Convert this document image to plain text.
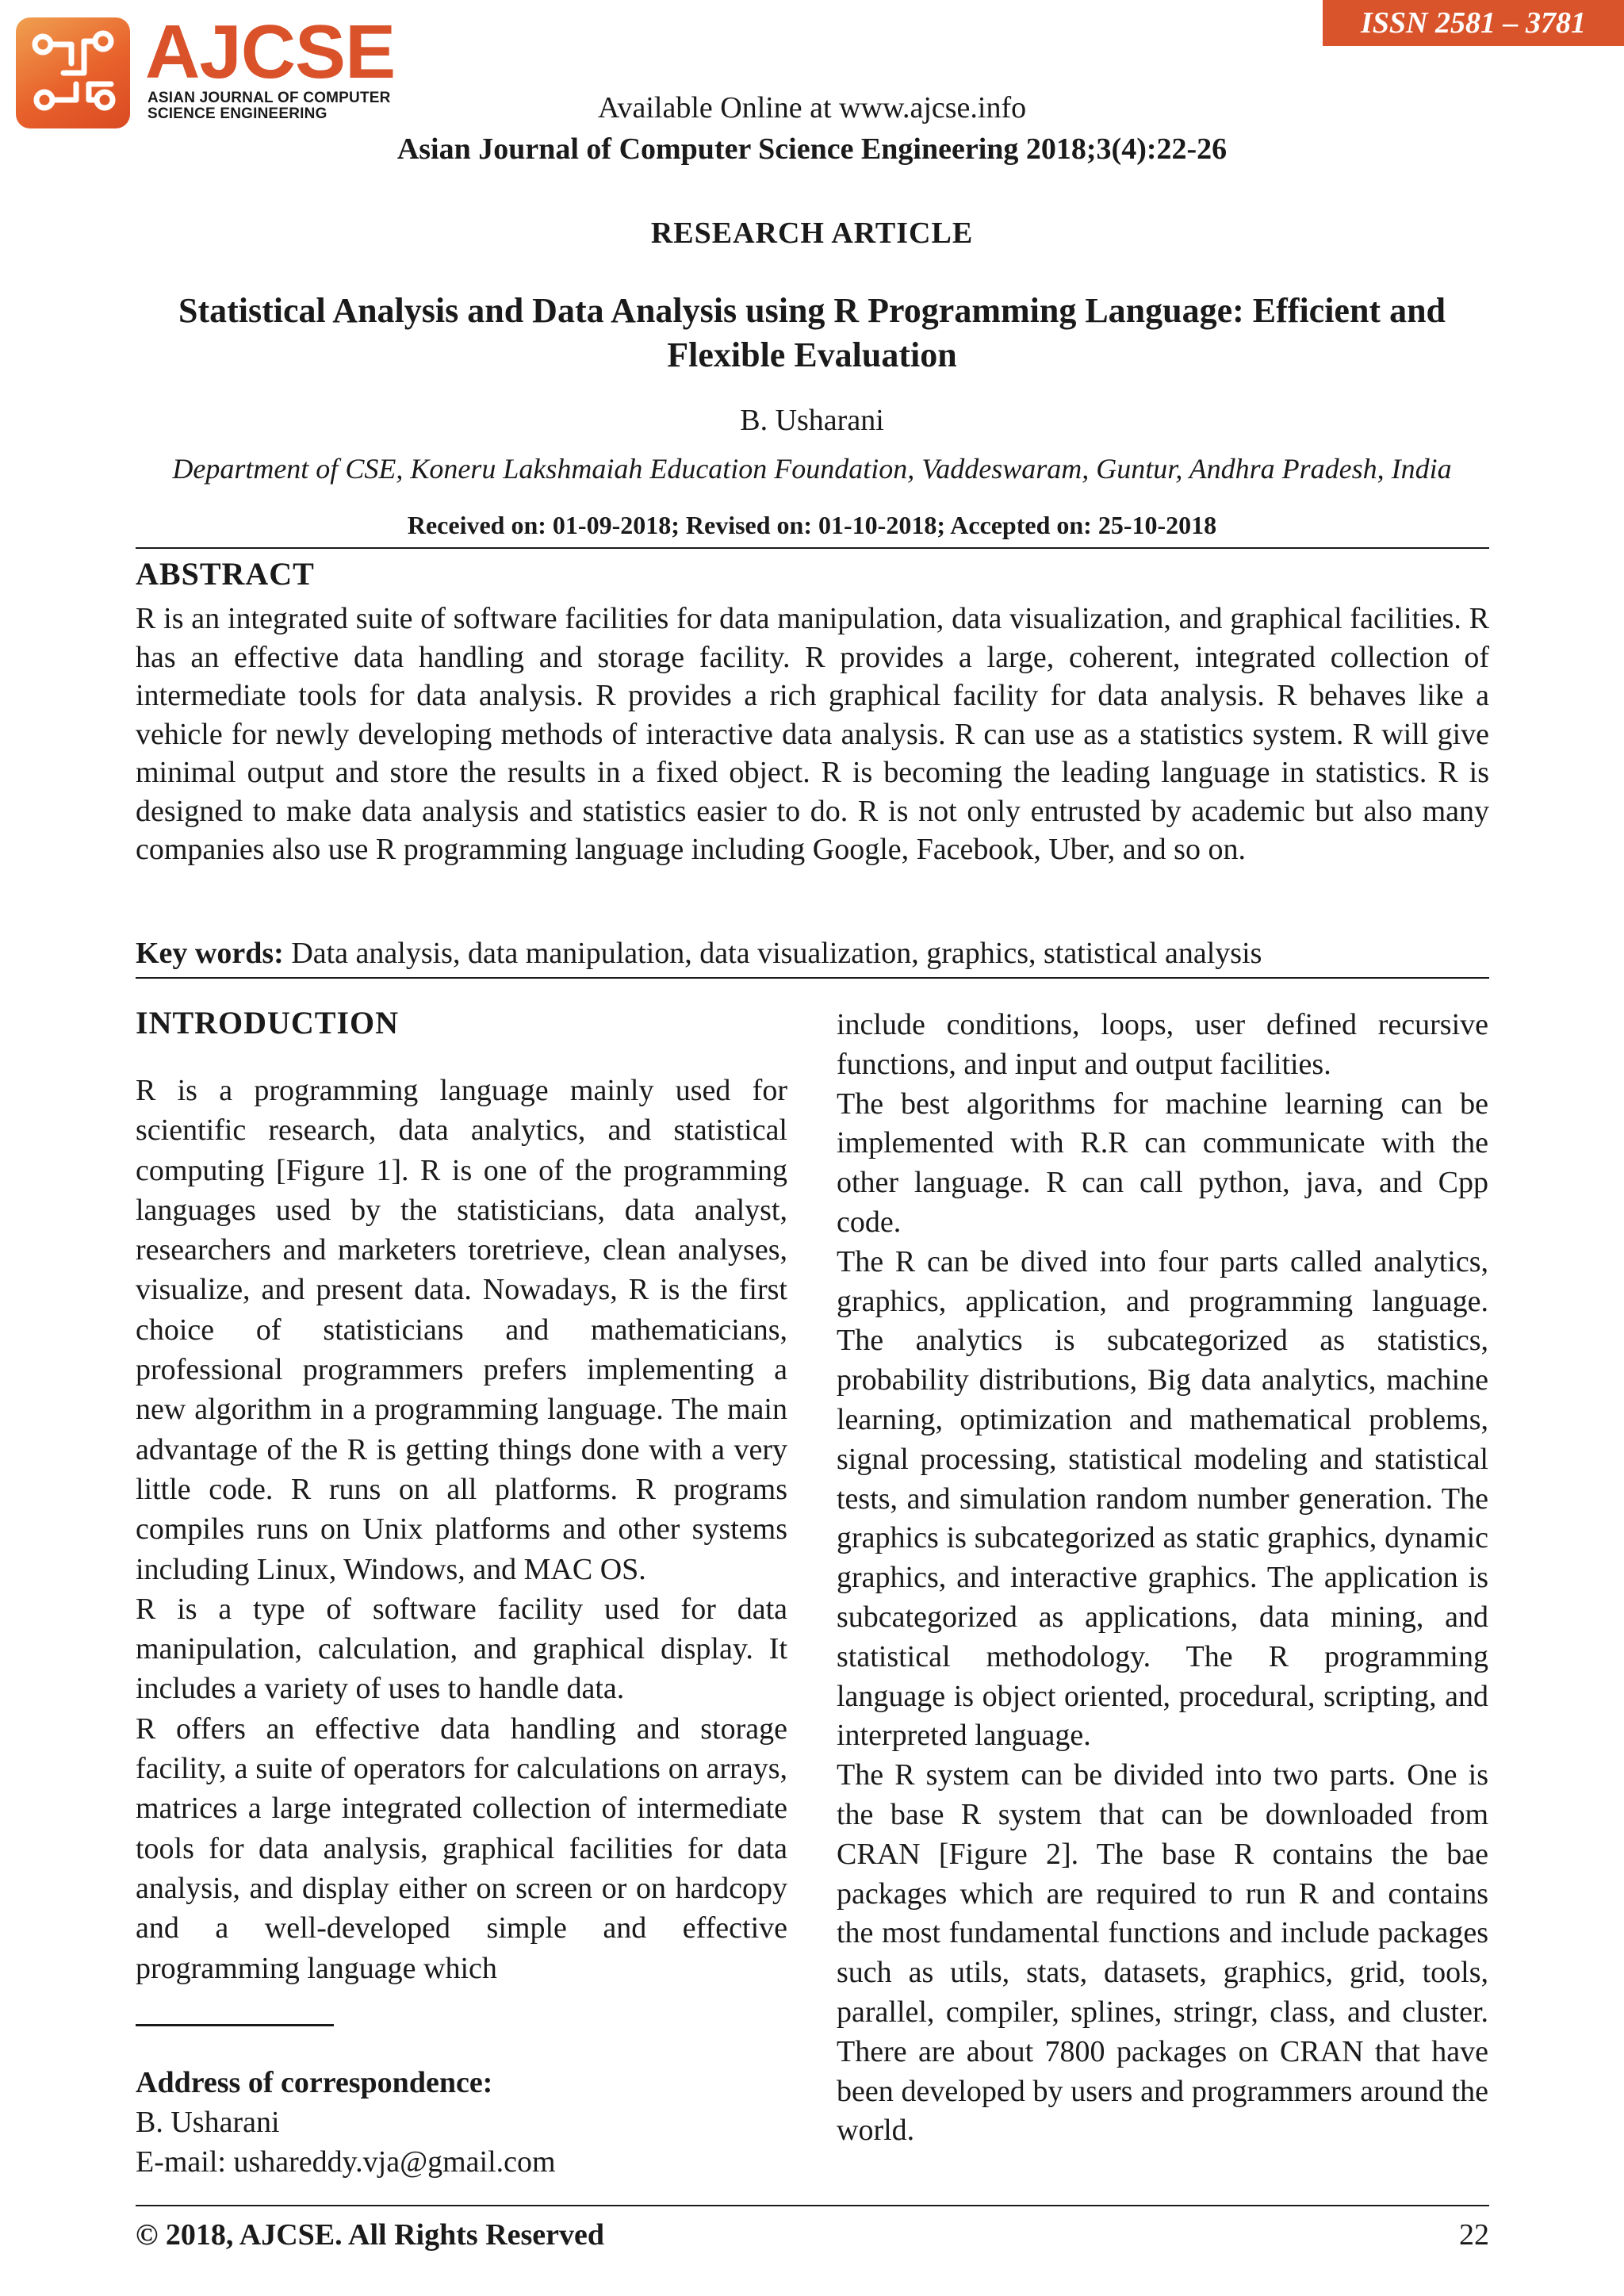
AJCSE
ASIAN JOURNAL OF COMPUTER
SCIENCE ENGINEERING
ISSN 2581 – 3781
Available Online at www.ajcse.info
Asian Journal of Computer Science Engineering 2018;3(4):22-26
RESEARCH ARTICLE
Statistical Analysis and Data Analysis using R Programming Language: Efficient and Flexible Evaluation
B. Usharani
Department of CSE, Koneru Lakshmaiah Education Foundation, Vaddeswaram, Guntur, Andhra Pradesh, India
Received on: 01-09-2018; Revised on: 01-10-2018; Accepted on: 25-10-2018
ABSTRACT
R is an integrated suite of software facilities for data manipulation, data visualization, and graphical facilities. R has an effective data handling and storage facility. R provides a large, coherent, integrated collection of intermediate tools for data analysis. R provides a rich graphical facility for data analysis. R behaves like a vehicle for newly developing methods of interactive data analysis. R can use as a statistics system. R will give minimal output and store the results in a fixed object. R is becoming the leading language in statistics. R is designed to make data analysis and statistics easier to do. R is not only entrusted by academic but also many companies also use R programming language including Google, Facebook, Uber, and so on.
Key words: Data analysis, data manipulation, data visualization, graphics, statistical analysis
INTRODUCTION

R is a programming language mainly used for scientific research, data analytics, and statistical computing [Figure 1]. R is one of the programming languages used by the statisticians, data analyst, researchers and marketers toretrieve, clean analyses, visualize, and present data. Nowadays, R is the first choice of statisticians and mathematicians, professional programmers prefers implementing a new algorithm in a programming language. The main advantage of the R is getting things done with a very little code. R runs on all platforms. R programs compiles runs on Unix platforms and other systems including Linux, Windows, and MAC OS.

R is a type of software facility used for data manipulation, calculation, and graphical display. It includes a variety of uses to handle data.

R offers an effective data handling and storage facility, a suite of operators for calculations on arrays, matrices a large integrated collection of intermediate tools for data analysis, graphical facilities for data analysis, and display either on screen or on hardcopy and a well-developed simple and effective programming language which

include conditions, loops, user defined recursive functions, and input and output facilities.

The best algorithms for machine learning can be implemented with R.R can communicate with the other language. R can call python, java, and Cpp code.

The R can be dived into four parts called analytics, graphics, application, and programming language. The analytics is subcategorized as statistics, probability distributions, Big data analytics, machine learning, optimization and mathematical problems, signal processing, statistical modeling and statistical tests, and simulation random number generation. The graphics is subcategorized as static graphics, dynamic graphics, and interactive graphics. The application is subcategorized as applications, data mining, and statistical methodology. The R programming language is object oriented, procedural, scripting, and interpreted language.

The R system can be divided into two parts. One is the base R system that can be downloaded from CRAN [Figure 2]. The base R contains the bae packages which are required to run R and contains the most fundamental functions and include packages such as utils, stats, datasets, graphics, grid, tools, parallel, compiler, splines, stringr, class, and cluster. There are about 7800 packages on CRAN that have been developed by users and programmers around the world.

Address of correspondence:
B. Usharani
E-mail: ushareddy.vja@gmail.com
© 2018, AJCSE. All Rights Reserved	22
